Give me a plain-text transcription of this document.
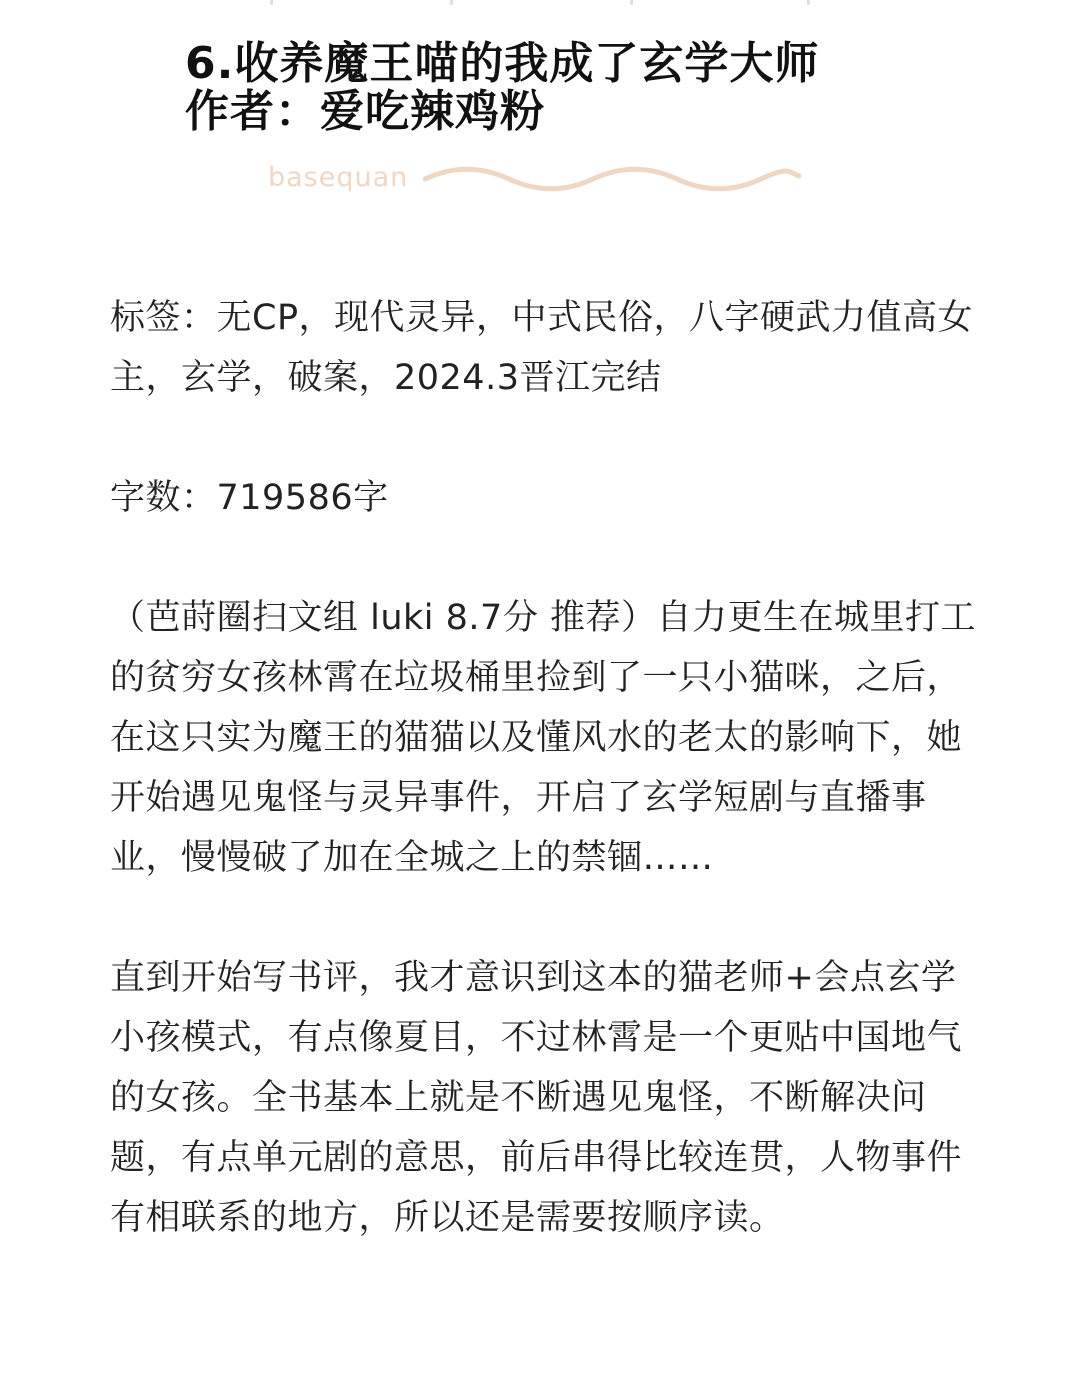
6.收养魔王喵的我成了玄学大师
作者：爱吃辣鸡粉
basequan

标签：无CP，现代灵异，中式民俗，八字硬武力值高女主，玄学，破案，2024.3晋江完结

字数：719586字

（芭莳圈扫文组 luki 8.7分 推荐）自力更生在城里打工的贫穷女孩林霄在垃圾桶里捡到了一只小猫咪，之后，在这只实为魔王的猫猫以及懂风水的老太的影响下，她开始遇见鬼怪与灵异事件，开启了玄学短剧与直播事业，慢慢破了加在全城之上的禁锢……

直到开始写书评，我才意识到这本的猫老师+会点玄学小孩模式，有点像夏目，不过林霄是一个更贴中国地气的女孩。全书基本上就是不断遇见鬼怪，不断解决问题，有点单元剧的意思，前后串得比较连贯，人物事件有相联系的地方，所以还是需要按顺序读。
